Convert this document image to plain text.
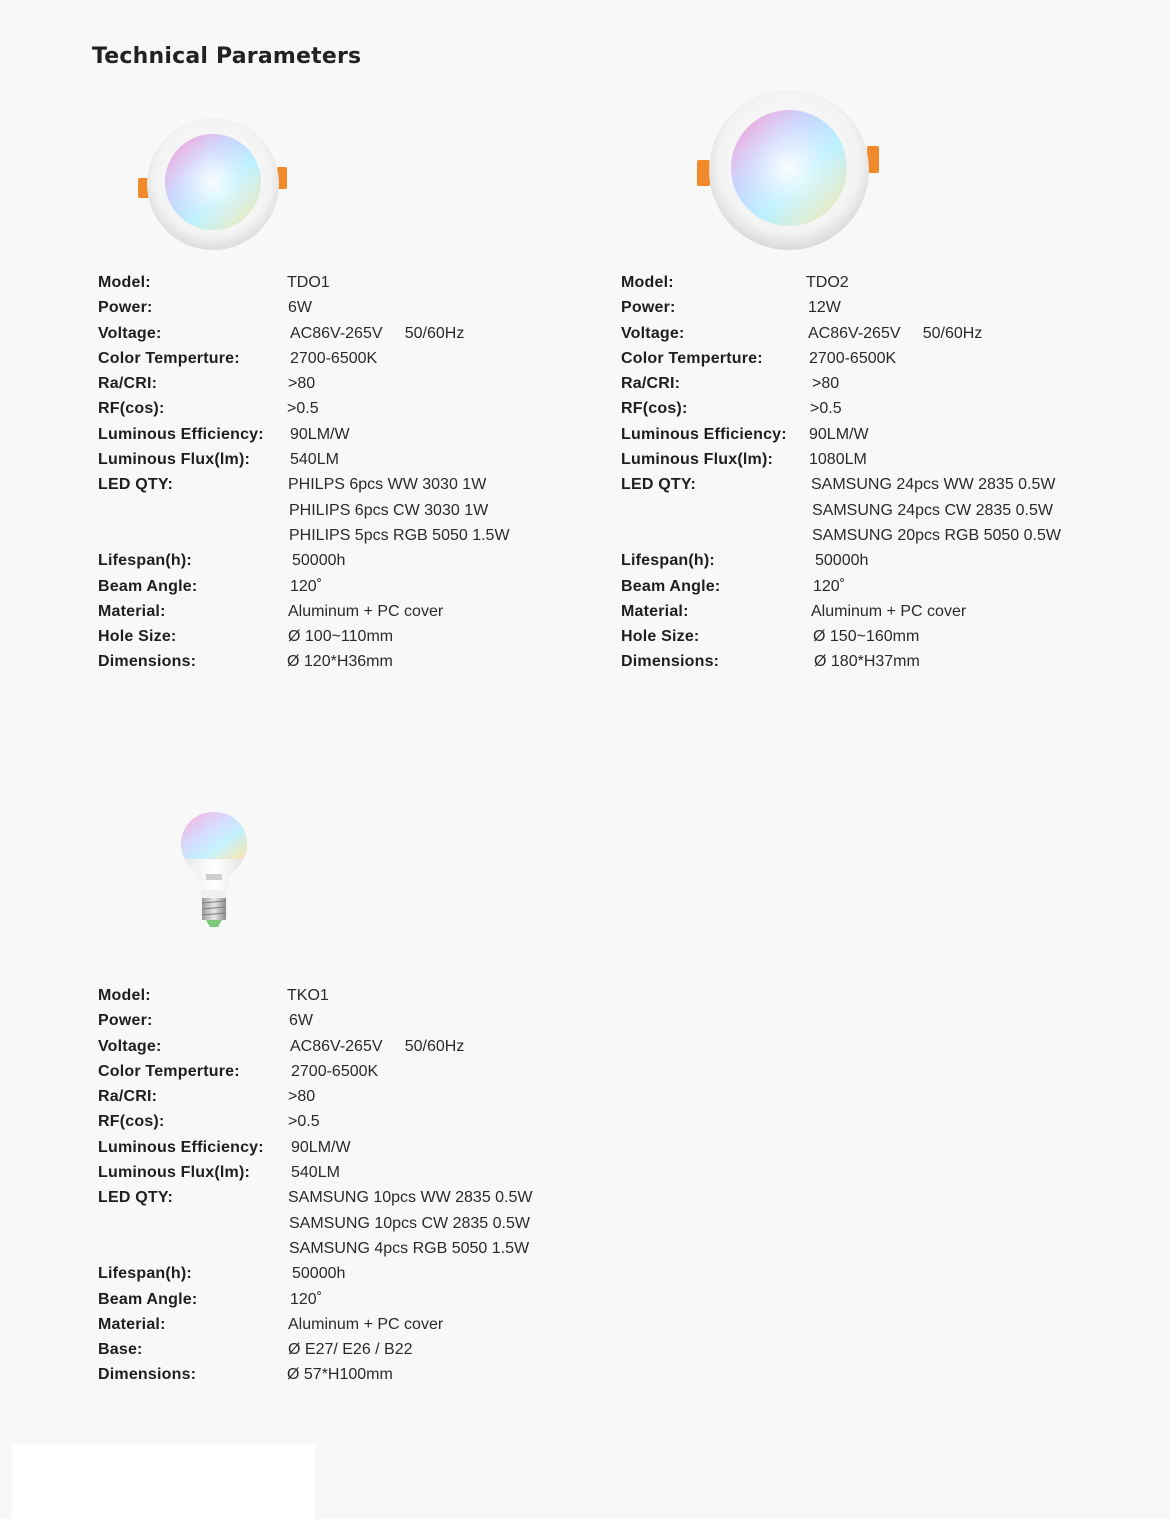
Technical Parameters
Model:	TDO1
Power:	6W
Voltage:	AC86V-265V     50/60Hz
Color Temperture:	2700-6500K
Ra/CRI:	>80
RF(cos):	>0.5
Luminous Efficiency: 90LM/W
Luminous Flux(lm): 540LM
LED QTY:	PHILPS 6pcs WW 3030 1W
PHILIPS 6pcs CW 3030 1W
PHILIPS 5pcs RGB 5050 1.5W
Lifespan(h):	50000h
Beam Angle:	120˚
Material:	Aluminum + PC cover
Hole Size:	Ø 100~110mm
Dimensions:	Ø 120*H36mm
Model:	TDO2
Power:	12W
Voltage:	AC86V-265V     50/60Hz
Color Temperture:	2700-6500K
Ra/CRI:	>80
RF(cos):	>0.5
Luminous Efficiency: 90LM/W
Luminous Flux(lm): 1080LM
LED QTY:	SAMSUNG 24pcs WW 2835 0.5W
SAMSUNG 24pcs CW 2835 0.5W
SAMSUNG 20pcs RGB 5050 0.5W
Lifespan(h):	50000h
Beam Angle:	120˚
Material:	Aluminum + PC cover
Hole Size:	Ø 150~160mm
Dimensions:	Ø 180*H37mm
Model:	TKO1
Power:	6W
Voltage:	AC86V-265V     50/60Hz
Color Temperture:	2700-6500K
Ra/CRI:	>80
RF(cos):	>0.5
Luminous Efficiency: 90LM/W
Luminous Flux(lm):	540LM
LED QTY:	SAMSUNG 10pcs WW 2835 0.5W
SAMSUNG 10pcs CW 2835 0.5W
SAMSUNG 4pcs RGB 5050 1.5W
Lifespan(h):	50000h
Beam Angle:	120˚
Material:	Aluminum + PC cover
Base:	Ø E27/ E26 / B22
Dimensions:	Ø 57*H100mm
